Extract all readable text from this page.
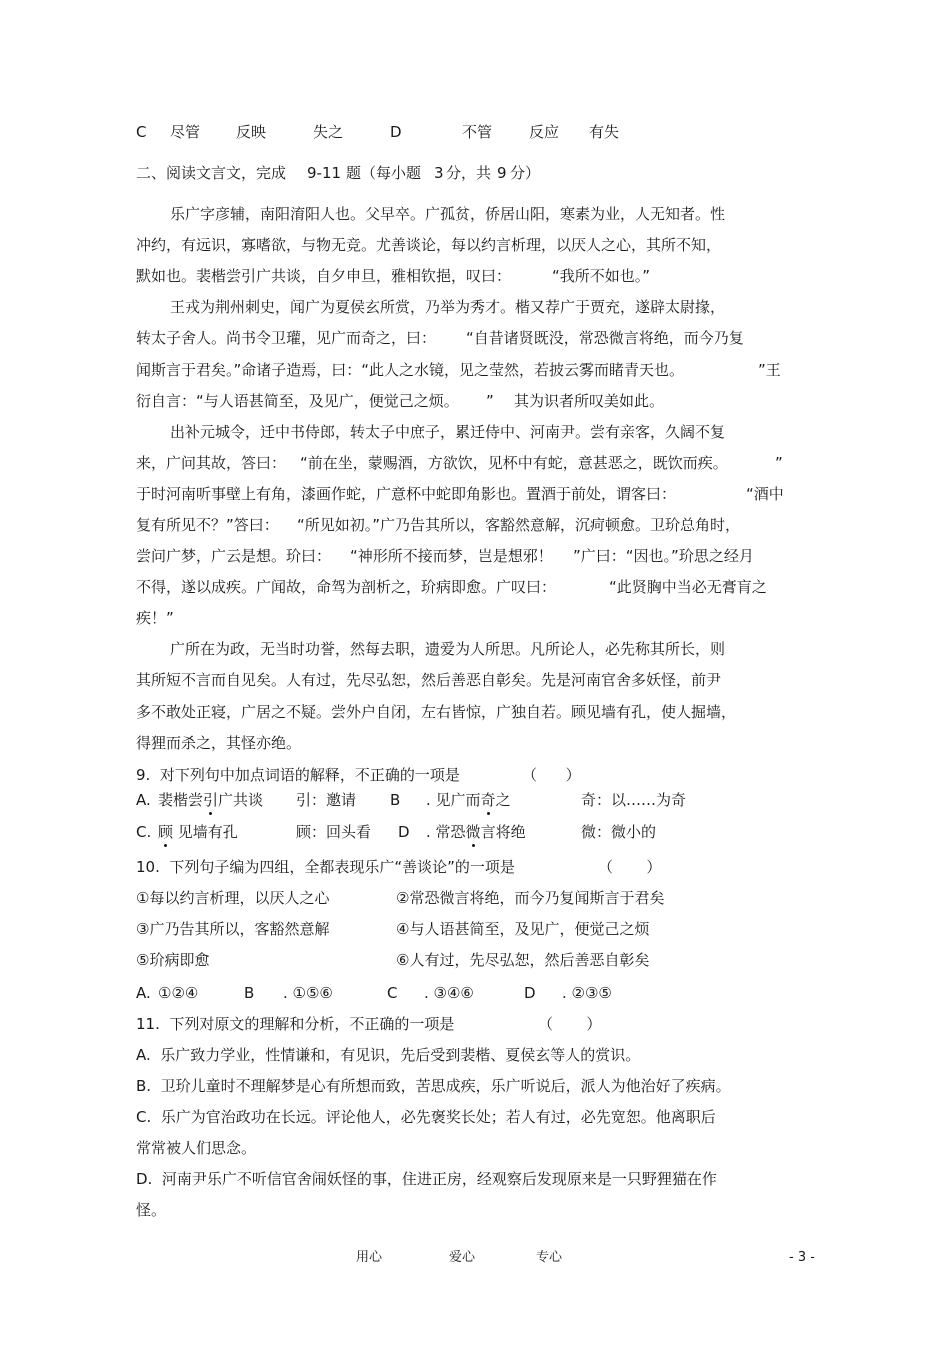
C 尽管 反映	失之	D	不管 反应 有失
二、阅读文言文，完成 9-11 题（每小题 3 分，共 9 分）
乐广字彦辅，南阳淯阳人也。父早卒。广孤贫，侨居山阳，寒素为业，人无知者。性
冲约，有远识，寡嗜欲，与物无竞。尤善谈论，每以约言析理，以厌人之心，其所不知，
默如也。裴楷尝引广共谈，自夕申旦，雅相钦挹，叹曰：	“我所不如也。”
王戎为荆州刺史，闻广为夏侯玄所赏，乃举为秀才。楷又荐广于贾充，遂辟太尉掾，
转太子舍人。尚书令卫瓘，见广而奇之，曰： “自昔诸贤既没，常恐微言将绝，而今乃复
闻斯言于君矣。”命诸子造焉，曰：“此人之水镜，见之莹然，若披云雾而睹青天也。	”王
衍自言：“与人语甚简至，及见广，便觉己之烦。 ” 其为识者所叹美如此。
出补元城令，迁中书侍郎，转太子中庶子，累迁侍中、河南尹。尝有亲客，久阔不复
来，广问其故，答曰： “前在坐，蒙赐酒，方欲饮，见杯中有蛇，意甚恶之，既饮而疾。	”
于时河南听事壁上有角，漆画作蛇，广意杯中蛇即角影也。置酒于前处，谓客曰：	“酒中
复有所见不？”答曰： “所见如初。”广乃告其所以，客豁然意解，沉疴顿愈。卫玠总角时，
尝问广梦，广云是想。玠曰： “神形所不接而梦，岂是想邪！ ”广曰：“因也。”玠思之经月
不得，遂以成疾。广闻故，命驾为剖析之，玠病即愈。广叹曰：	“此贤胸中当必无膏肓之
疾！”
广所在为政，无当时功誉，然每去职，遗爱为人所思。凡所论人，必先称其所长，则
其所短不言而自见矣。人有过，先尽弘恕，然后善恶自彰矣。先是河南官舍多妖怪，前尹
多不敢处正寝，广居之不疑。尝外户自闭，左右皆惊，广独自若。顾见墙有孔，使人掘墙，
得狸而杀之，其怪亦绝。
9.  对下列句中加点词语的解释，不正确的一项是	（      ）
A. 裴楷尝引广共谈 引：邀请 B . 见广而奇之	奇：以……为奇
C. 顾 见墙有孔	顾：回头看 D . 常恐微言将绝	微：微小的
10.  下列句子编为四组，全都表现乐广“善谈论”的一项是	（       ）
①每以约言析理，以厌人之心	②常恐微言将绝，而今乃复闻斯言于君矣
③广乃告其所以，客豁然意解	④与人语甚简至，及见广，便觉己之烦
⑤玠病即愈	⑥人有过，先尽弘恕，然后善恶自彰矣
A. ①②④	B . ①⑤⑥	C . ③④⑥	D . ②③⑤
11.  下列对原文的理解和分析，不正确的一项是	（       ）
A.  乐广致力学业，性情谦和，有见识，先后受到裴楷、夏侯玄等人的赏识。
B.  卫玠儿童时不理解梦是心有所想而致，苦思成疾，乐广听说后，派人为他治好了疾病。
C.  乐广为官治政功在长远。评论他人，必先褒奖长处；若人有过，必先宽恕。他离职后
常常被人们思念。
D.  河南尹乐广不听信官舍闹妖怪的事，住进正房，经观察后发现原来是一只野狸猫在作
怪。
用心	爱心	专心	- 3 -
